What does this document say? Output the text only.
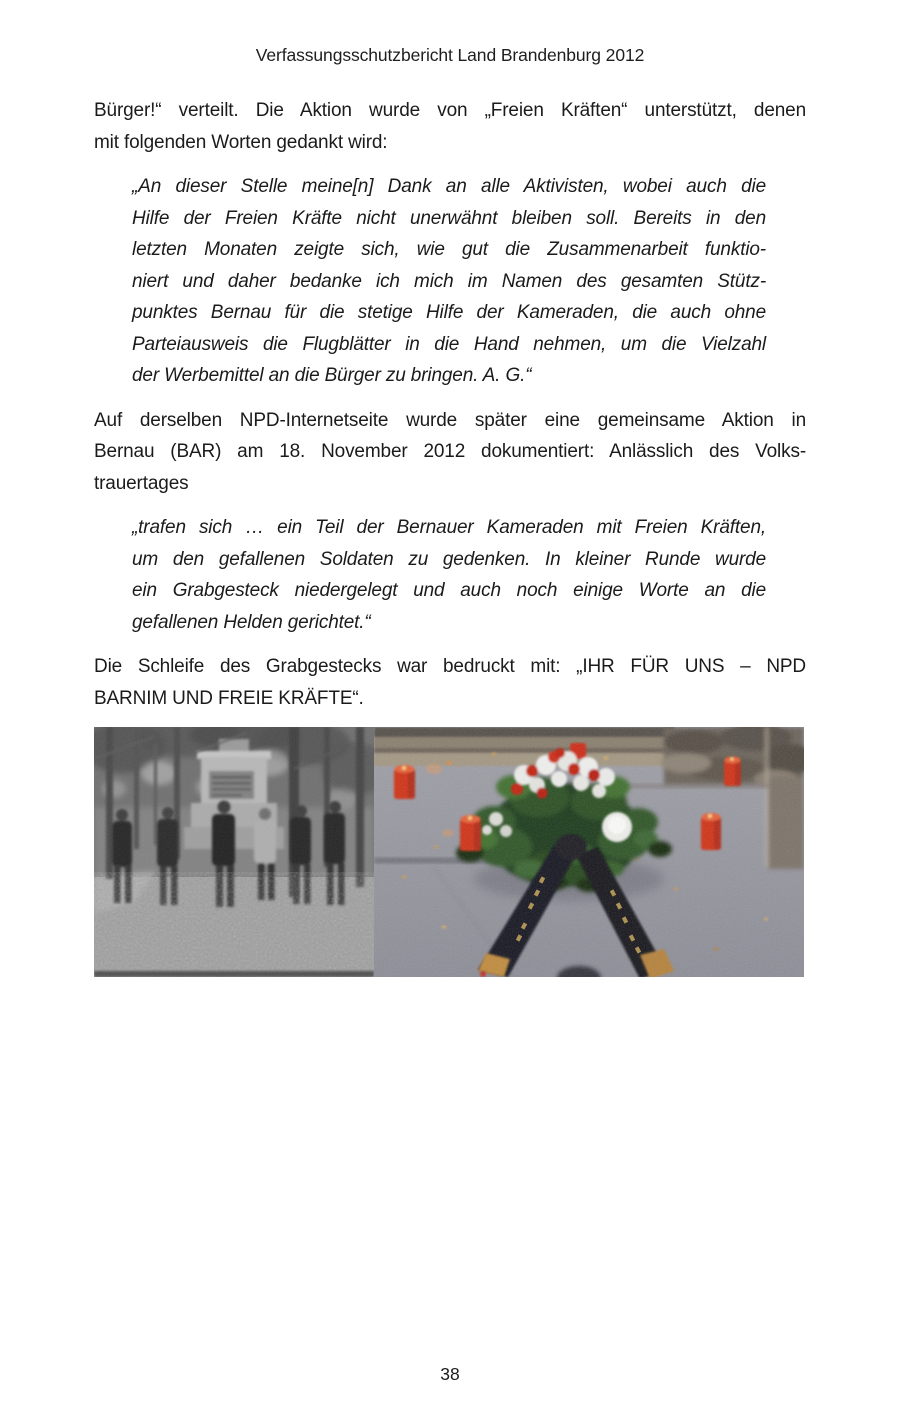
Verfassungsschutzbericht Land Brandenburg 2012
Bürger!“ verteilt. Die Aktion wurde von „Freien Kräften“ unterstützt, denen
mit folgenden Worten gedankt wird:
„An dieser Stelle meine[n] Dank an alle Aktivisten, wobei auch die
Hilfe der Freien Kräfte nicht unerwähnt bleiben soll. Bereits in den
letzten Monaten zeigte sich, wie gut die Zusammenarbeit funktio-
niert und daher bedanke ich mich im Namen des gesamten Stütz-
punktes Bernau für die stetige Hilfe der Kameraden, die auch ohne
Parteiausweis die Flugblätter in die Hand nehmen, um die Vielzahl
der Werbemittel an die Bürger zu bringen. A. G.“
Auf derselben NPD-Internetseite wurde später eine gemeinsame Aktion in
Bernau (BAR) am 18. November 2012 dokumentiert: Anlässlich des Volks-
trauertages
„trafen sich … ein Teil der Bernauer Kameraden mit Freien Kräften,
um den gefallenen Soldaten zu gedenken. In kleiner Runde wurde
ein Grabgesteck niedergelegt und auch noch einige Worte an die
gefallenen Helden gerichtet.“
Die Schleife des Grabgestecks war bedruckt mit: „IHR FÜR UNS – NPD
BARNIM UND FREIE KRÄFTE“.
38
